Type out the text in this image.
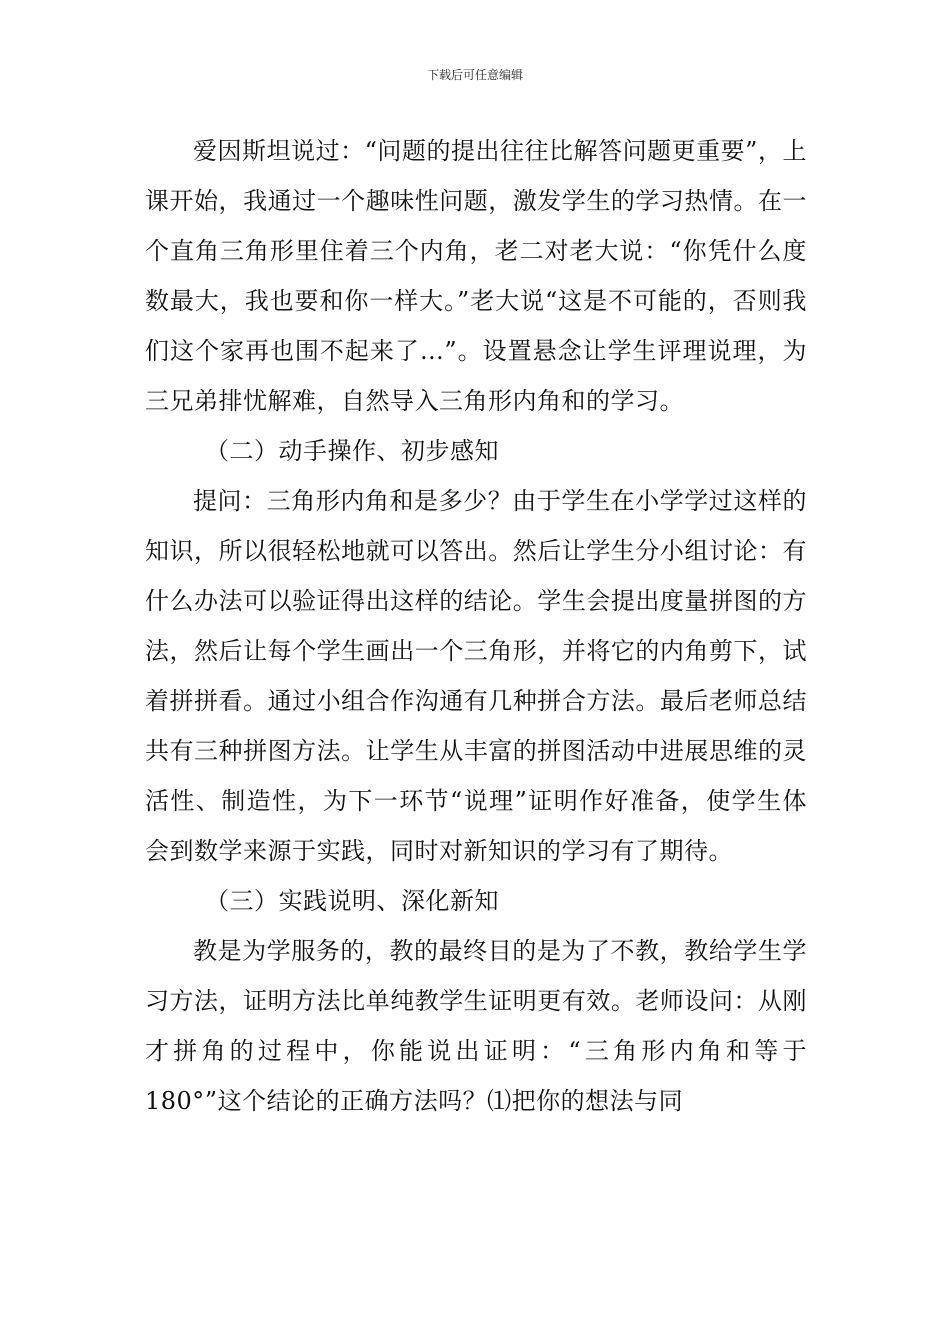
下载后可任意编辑

爱因斯坦说过：“问题的提出往往比解答问题更重要”，上课开始，我通过一个趣味性问题，激发学生的学习热情。在一个直角三角形里住着三个内角，老二对老大说：“你凭什么度数最大，我也要和你一样大。”老大说“这是不可能的，否则我们这个家再也围不起来了…”。设置悬念让学生评理说理，为三兄弟排忧解难，自然导入三角形内角和的学习。

（二）动手操作、初步感知

提问：三角形内角和是多少？由于学生在小学学过这样的知识，所以很轻松地就可以答出。然后让学生分小组讨论：有什么办法可以验证得出这样的结论。学生会提出度量拼图的方法，然后让每个学生画出一个三角形，并将它的内角剪下，试着拼拼看。通过小组合作沟通有几种拼合方法。最后老师总结共有三种拼图方法。让学生从丰富的拼图活动中进展思维的灵活性、制造性，为下一环节“说理”证明作好准备，使学生体会到数学来源于实践，同时对新知识的学习有了期待。

（三）实践说明、深化新知

教是为学服务的，教的最终目的是为了不教，教给学生学习方法，证明方法比单纯教学生证明更有效。老师设问：从刚才拼角的过程中，你能说出证明：“三角形内角和等于 180°”这个结论的正确方法吗？⑴把你的想法与同
